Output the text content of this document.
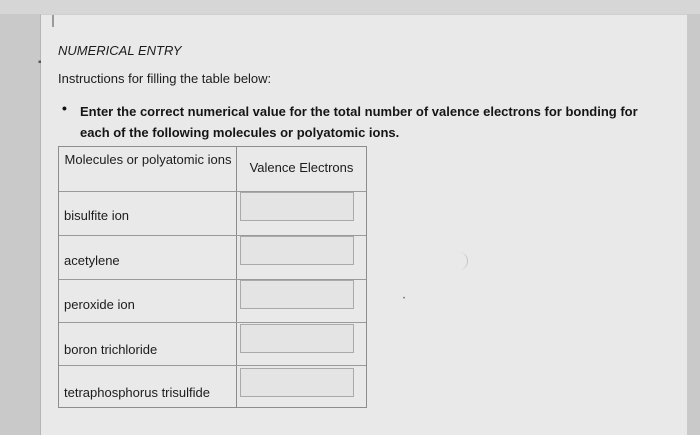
▪
NUMERICAL ENTRY
Instructions for filling the table below:
• Enter the correct numerical value for the total number of valence electrons for bonding for each of the following molecules or polyatomic ions.
Molecules or polyatomic ions
Valence Electrons
bisulfite ion
acetylene
peroxide ion
boron trichloride
tetraphosphorus trisulfide
•
